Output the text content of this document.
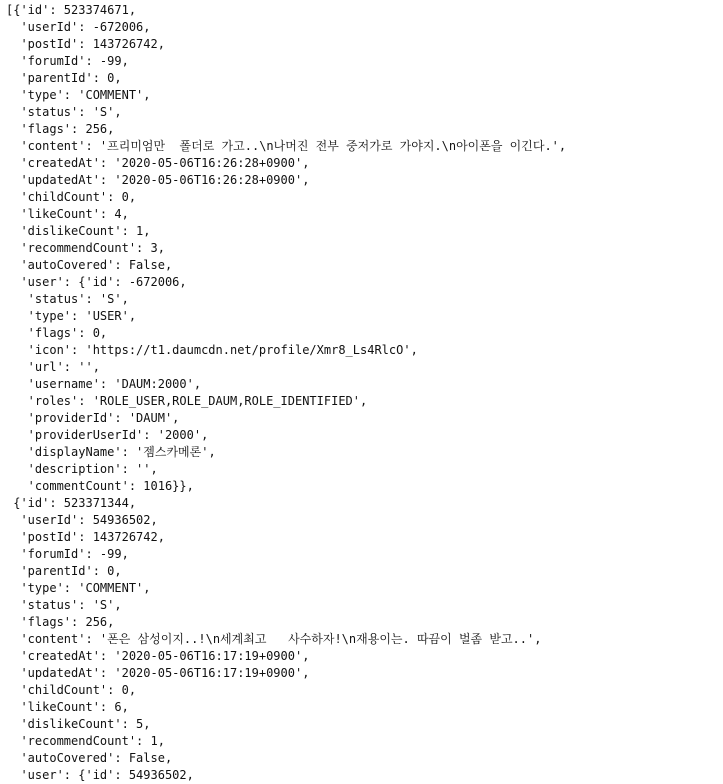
[{'id': 523374671,
'userId': -672006,
'postId': 143726742,
'forumId': -99,
'parentId': 0,
'type': 'COMMENT',
'status': 'S',
'flags': 256,
'content': '프리미엄만  폴더로 가고..\n나머진 전부 중저가로 가야지.\n아이폰을 이긴다.',
'createdAt': '2020-05-06T16:26:28+0900',
'updatedAt': '2020-05-06T16:26:28+0900',
'childCount': 0,
'likeCount': 4,
'dislikeCount': 1,
'recommendCount': 3,
'autoCovered': False,
'user': {'id': -672006,
'status': 'S',
'type': 'USER',
'flags': 0,
'icon': 'https://t1.daumcdn.net/profile/Xmr8_Ls4RlcO',
'url': '',
'username': 'DAUM:2000',
'roles': 'ROLE_USER,ROLE_DAUM,ROLE_IDENTIFIED',
'providerId': 'DAUM',
'providerUserId': '2000',
'displayName': '젬스카메론',
'description': '',
'commentCount': 1016}},
{'id': 523371344,
'userId': 54936502,
'postId': 143726742,
'forumId': -99,
'parentId': 0,
'type': 'COMMENT',
'status': 'S',
'flags': 256,
'content': '폰은 삼성이지..!\n세계최고   사수하자!\n재용이는. 따끔이 벌좀 받고..',
'createdAt': '2020-05-06T16:17:19+0900',
'updatedAt': '2020-05-06T16:17:19+0900',
'childCount': 0,
'likeCount': 6,
'dislikeCount': 5,
'recommendCount': 1,
'autoCovered': False,
'user': {'id': 54936502,
